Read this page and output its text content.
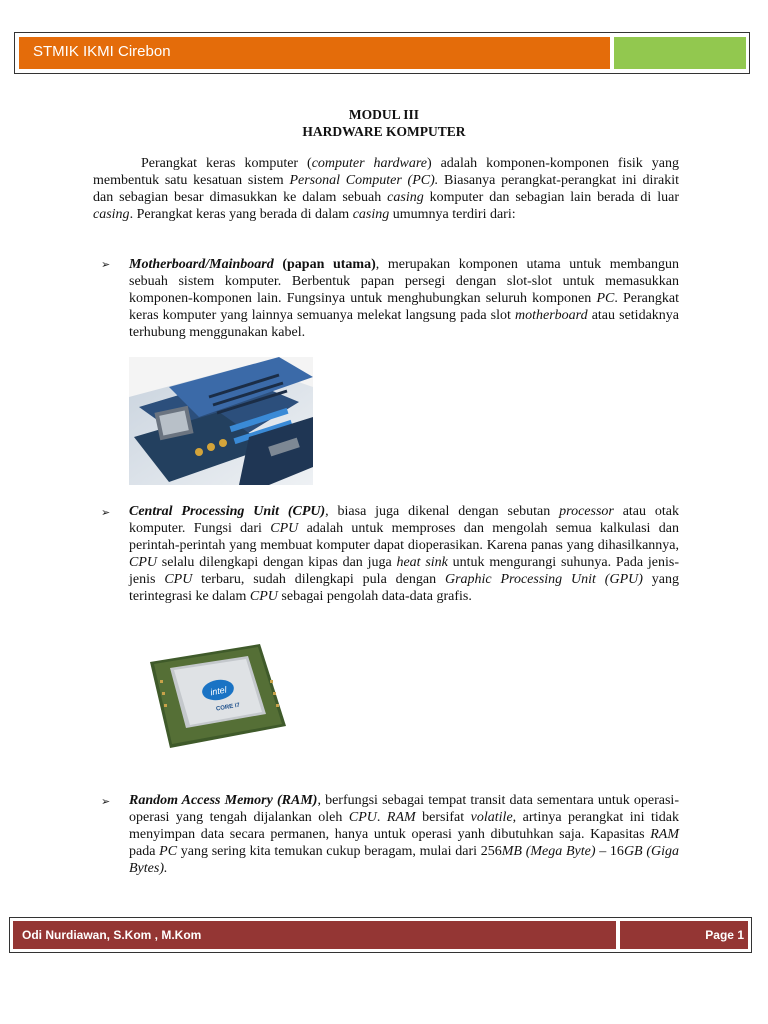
STMIK IKMI Cirebon
MODUL III
HARDWARE KOMPUTER

Perangkat keras komputer (computer hardware) adalah komponen-komponen fisik yang membentuk satu kesatuan sistem Personal Computer (PC). Biasanya perangkat-perangkat ini dirakit dan sebagian besar dimasukkan ke dalam sebuah casing komputer dan sebagian lain berada di luar casing. Perangkat keras yang berada di dalam casing umumnya terdiri dari:

➢ Motherboard/Mainboard (papan utama), merupakan komponen utama untuk membangun sebuah sistem komputer. Berbentuk papan persegi dengan slot-slot untuk memasukkan komponen-komponen lain. Fungsinya untuk menghubungkan seluruh komponen PC. Perangkat keras komputer yang lainnya semuanya melekat langsung pada slot motherboard atau setidaknya terhubung menggunakan kabel.

➢ Central Processing Unit (CPU), biasa juga dikenal dengan sebutan processor atau otak komputer. Fungsi dari CPU adalah untuk memproses dan mengolah semua kalkulasi dan perintah-perintah yang membuat komputer dapat dioperasikan. Karena panas yang dihasilkannya, CPU selalu dilengkapi dengan kipas dan juga heat sink untuk mengurangi suhunya. Pada jenis-jenis CPU terbaru, sudah dilengkapi pula dengan Graphic Processing Unit (GPU) yang terintegrasi ke dalam CPU sebagai pengolah data-data grafis.

intel
CORE i7
➢ Random Access Memory (RAM), berfungsi sebagai tempat transit data sementara untuk operasi-operasi yang tengah dijalankan oleh CPU. RAM bersifat volatile, artinya perangkat ini tidak menyimpan data secara permanen, hanya untuk operasi yanh dibutuhkan saja. Kapasitas RAM pada PC yang sering kita temukan cukup beragam, mulai dari 256MB (Mega Byte) – 16GB (Giga Bytes).

Odi Nurdiawan, S.Kom , M.Kom	Page 1
